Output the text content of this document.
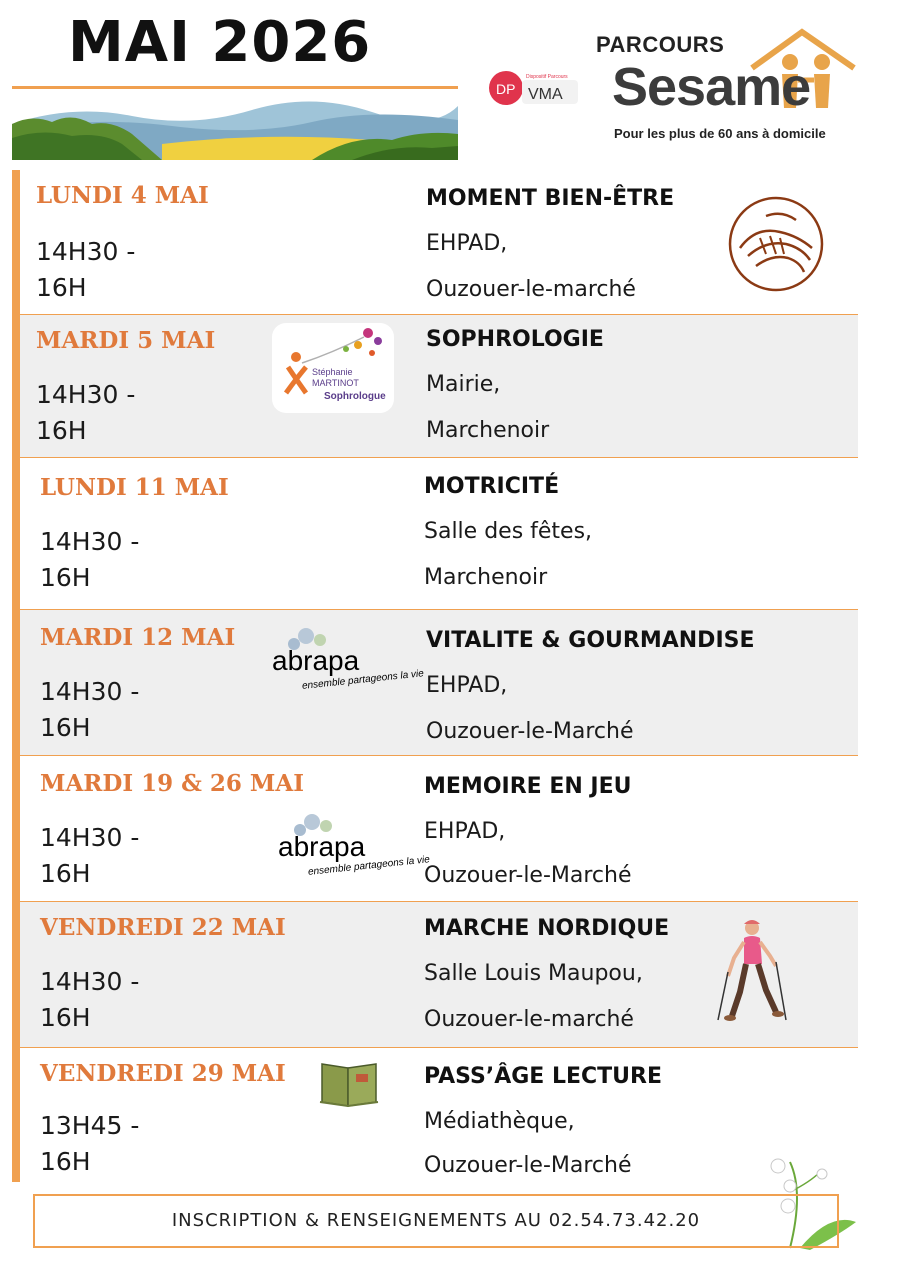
MAI 2026
DP
Dispositif Parcours
VMA
PARCOURS
Sesame
Pour les plus de 60 ans à domicile
LUNDI 4 MAI
14H30 - 16H
MOMENT BIEN-ÊTRE
EHPAD,
Ouzouer-le-marché
MARDI 5 MAI
14H30 - 16H
SOPHROLOGIE
Mairie,
Marchenoir
Stéphanie
MARTINOT
Sophrologue
LUNDI 11 MAI
14H30 - 16H
MOTRICITÉ
Salle des fêtes,
Marchenoir
MARDI 12 MAI
14H30 - 16H
VITALITE & GOURMANDISE
EHPAD,
Ouzouer-le-Marché
abrapa
ensemble partageons la vie
MARDI 19 & 26 MAI
14H30 - 16H
MEMOIRE EN JEU
EHPAD,
Ouzouer-le-Marché
abrapa
ensemble partageons la vie
VENDREDI 22 MAI
14H30 - 16H
MARCHE NORDIQUE
Salle Louis Maupou,
Ouzouer-le-marché
VENDREDI 29 MAI
13H45 - 16H
PASS’ÂGE LECTURE
Médiathèque,
Ouzouer-le-Marché
INSCRIPTION & RENSEIGNEMENTS AU 02.54.73.42.20
